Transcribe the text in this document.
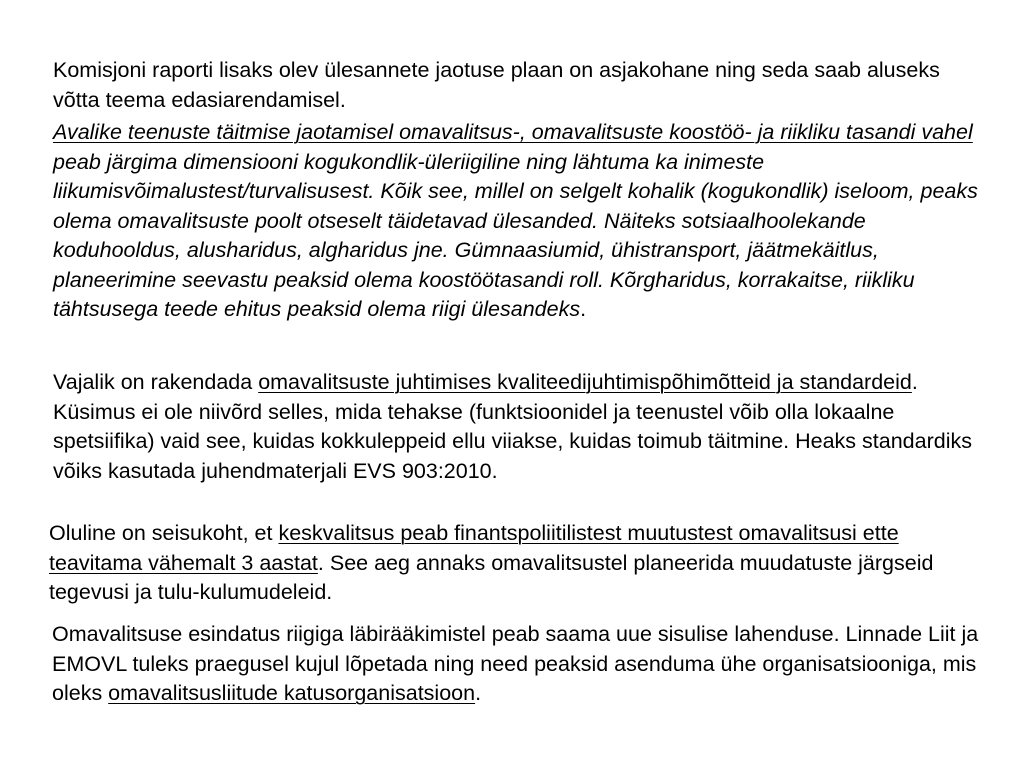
Komisjoni raporti lisaks olev ülesannete jaotuse plaan on asjakohane ning seda saab aluseks võtta teema edasiarendamisel.

Avalike teenuste täitmise jaotamisel omavalitsus-, omavalitsuste koostöö- ja riikliku tasandi vahel peab järgima dimensiooni kogukondlik-üleriigiline ning lähtuma ka inimeste liikumisvõimalustest/turvalisusest. Kõik see, millel on selgelt kohalik (kogukondlik) iseloom, peaks olema omavalitsuste poolt otseselt täidetavad ülesanded. Näiteks sotsiaalhoolekande koduhooldus, alusharidus, algharidus jne. Gümnaasiumid, ühistransport, jäätmekäitlus, planeerimine seevastu peaksid olema koostöötasandi roll. Kõrgharidus, korrakaitse, riikliku tähtsusega teede ehitus peaksid olema riigi ülesandeks.

Vajalik on rakendada omavalitsuste juhtimises kvaliteedijuhtimispõhimõtteid ja standardeid. Küsimus ei ole niivõrd selles, mida tehakse (funktsioonidel ja teenustel võib olla lokaalne spetsiifika) vaid see, kuidas kokkuleppeid ellu viiakse, kuidas toimub täitmine. Heaks standardiks võiks kasutada juhendmaterjali EVS 903:2010.

Oluline on seisukoht, et keskvalitsus peab finantspoliitilistest muutustest omavalitsusi ette teavitama vähemalt 3 aastat. See aeg annaks omavalitsustel planeerida muudatuste järgseid tegevusi ja tulu-kulumudeleid.

Omavalitsuse esindatus riigiga läbirääkimistel peab saama uue sisulise lahenduse. Linnade Liit ja EMOVL tuleks praegusel kujul lõpetada ning need peaksid asenduma ühe organisatsiooniga, mis oleks omavalitsusliitude katusorganisatsioon.
